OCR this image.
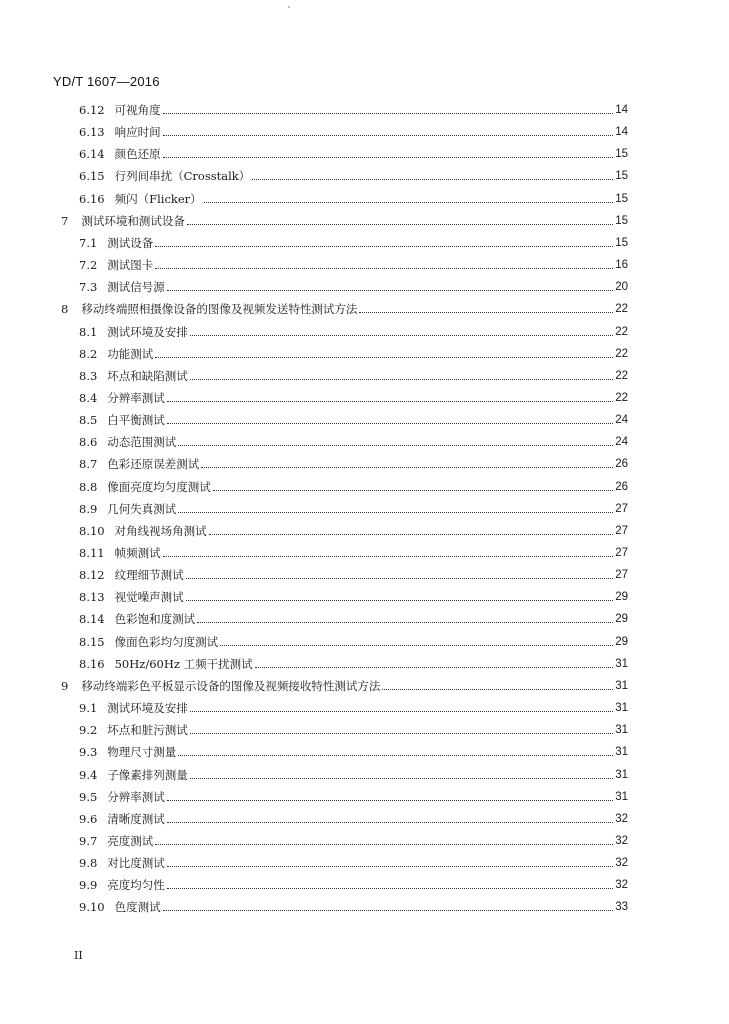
YD/T 1607—2016
6.12 可视角度	14
6.13 响应时间	14
6.14 颜色还原	15
6.15 行列间串扰（Crosstalk）	15
6.16 频闪（Flicker）	15
7 测试环境和测试设备	15
7.1 测试设备	15
7.2 测试图卡	16
7.3 测试信号源	20
8 移动终端照相摄像设备的图像及视频发送特性测试方法	22
8.1 测试环境及安排	22
8.2 功能测试	22
8.3 坏点和缺陷测试	22
8.4 分辨率测试	22
8.5 白平衡测试	24
8.6 动态范围测试	24
8.7 色彩还原误差测试	26
8.8 像面亮度均匀度测试	26
8.9 几何失真测试	27
8.10 对角线视场角测试	27
8.11 帧频测试	27
8.12 纹理细节测试	27
8.13 视觉噪声测试	29
8.14 色彩饱和度测试	29
8.15 像面色彩均匀度测试	29
8.16 50Hz/60Hz 工频干扰测试	31
9 移动终端彩色平板显示设备的图像及视频接收特性测试方法	31
9.1 测试环境及安排	31
9.2 坏点和脏污测试	31
9.3 物理尺寸测量	31
9.4 子像素排列测量	31
9.5 分辨率测试	31
9.6 清晰度测试	32
9.7 亮度测试	32
9.8 对比度测试	32
9.9 亮度均匀性	32
9.10 色度测试	33
II
